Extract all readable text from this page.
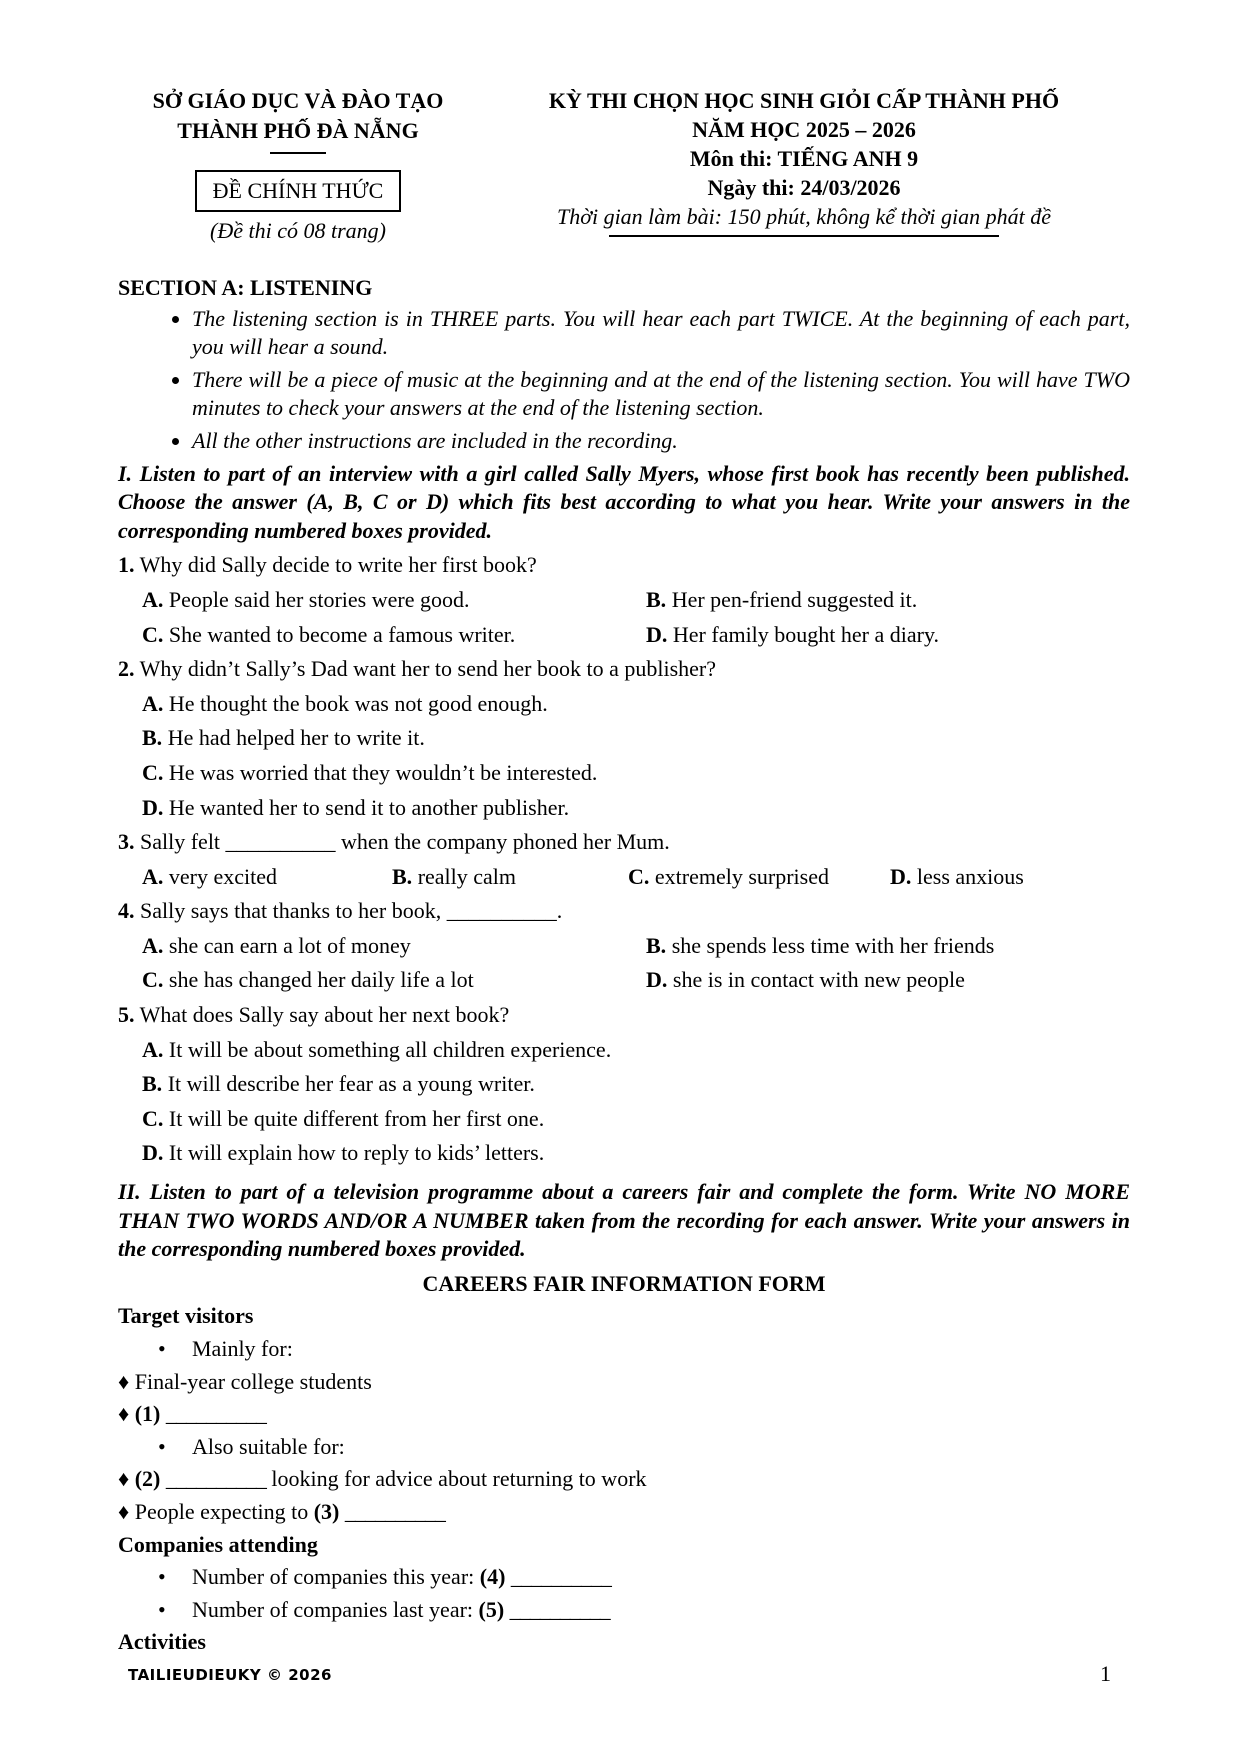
SỞ GIÁO DỤC VÀ ĐÀO TẠO
THÀNH PHỐ ĐÀ NẴNG
ĐỀ CHÍNH THỨC
(Đề thi có 08 trang)
KỲ THI CHỌN HỌC SINH GIỎI CẤP THÀNH PHỐ
NĂM HỌC 2025 – 2026
Môn thi: TIẾNG ANH 9
Ngày thi: 24/03/2026
Thời gian làm bài: 150 phút, không kể thời gian phát đề
SECTION A: LISTENING
• The listening section is in THREE parts. You will hear each part TWICE. At the beginning of each part, you will hear a sound.
• There will be a piece of music at the beginning and at the end of the listening section. You will have TWO minutes to check your answers at the end of the listening section.
• All the other instructions are included in the recording.
I. Listen to part of an interview with a girl called Sally Myers, whose first book has recently been published. Choose the answer (A, B, C or D) which fits best according to what you hear. Write your answers in the corresponding numbered boxes provided.
1. Why did Sally decide to write her first book?
A. People said her stories were good.	B. Her pen-friend suggested it.
C. She wanted to become a famous writer.	D. Her family bought her a diary.
2. Why didn’t Sally’s Dad want her to send her book to a publisher?
A. He thought the book was not good enough.
B. He had helped her to write it.
C. He was worried that they wouldn’t be interested.
D. He wanted her to send it to another publisher.
3. Sally felt __________ when the company phoned her Mum.
A. very excited	B. really calm	C. extremely surprised	D. less anxious
4. Sally says that thanks to her book, __________.
A. she can earn a lot of money	B. she spends less time with her friends
C. she has changed her daily life a lot	D. she is in contact with new people
5. What does Sally say about her next book?
A. It will be about something all children experience.
B. It will describe her fear as a young writer.
C. It will be quite different from her first one.
D. It will explain how to reply to kids’ letters.
II. Listen to part of a television programme about a careers fair and complete the form. Write NO MORE THAN TWO WORDS AND/OR A NUMBER taken from the recording for each answer. Write your answers in the corresponding numbered boxes provided.
CAREERS FAIR INFORMATION FORM
Target visitors
• Mainly for:
♦ Final-year college students
♦ (1) __________
• Also suitable for:
♦ (2) __________ looking for advice about returning to work
♦ People expecting to (3) __________
Companies attending
• Number of companies this year: (4) __________
• Number of companies last year: (5) __________
Activities
TAILIEUDIEUKY © 2026	1
